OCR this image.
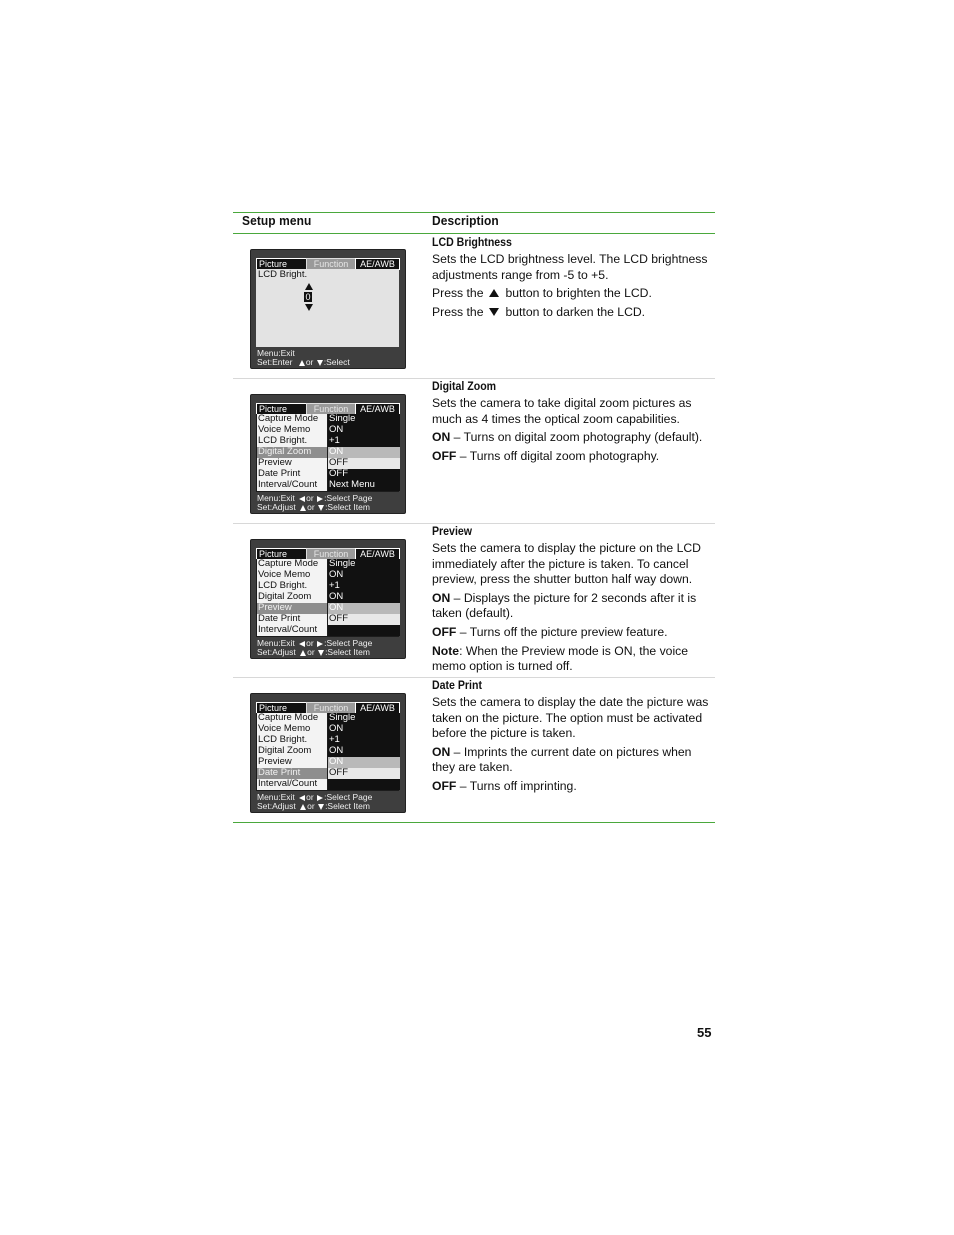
Setup menu	Description
Picture	Function	AE/AWB
LCD Bright.
0
Menu:Exit
Set:Enter or :Select
LCD Brightness

Sets the LCD brightness level. The LCD brightness adjustments range from -5 to +5.

Press the button to brighten the LCD.

Press the button to darken the LCD.

Picture	Function	AE/AWB
Capture Mode	Single
Voice Memo	ON
LCD Bright.	+1
Digital Zoom	ON
Preview	OFF
Date Print	OFF
Interval/Count	Next Menu
Menu:Exit or :Select Page
Set:Adjust or :Select Item
Digital Zoom

Sets the camera to take digital zoom pictures as much as 4 times the optical zoom capabilities.

ON – Turns on digital zoom photography (default).

OFF – Turns off digital zoom photography.

Picture	Function	AE/AWB
Capture Mode	Single
Voice Memo	ON
LCD Bright.	+1
Digital Zoom	ON
Preview	ON
Date Print	OFF
Interval/Count
Menu:Exit or :Select Page
Set:Adjust or :Select Item
Preview

Sets the camera to display the picture on the LCD immediately after the picture is taken. To cancel preview, press the shutter button half way down.

ON – Displays the picture for 2 seconds after it is taken (default).

OFF – Turns off the picture preview feature.

Note: When the Preview mode is ON, the voice memo option is turned off.

Picture	Function	AE/AWB
Capture Mode	Single
Voice Memo	ON
LCD Bright.	+1
Digital Zoom	ON
Preview	ON
Date Print	OFF
Interval/Count
Menu:Exit or :Select Page
Set:Adjust or :Select Item
Date Print

Sets the camera to display the date the picture was taken on the picture. The option must be activated before the picture is taken.

ON – Imprints the current date on pictures when they are taken.

OFF – Turns off imprinting.

55
